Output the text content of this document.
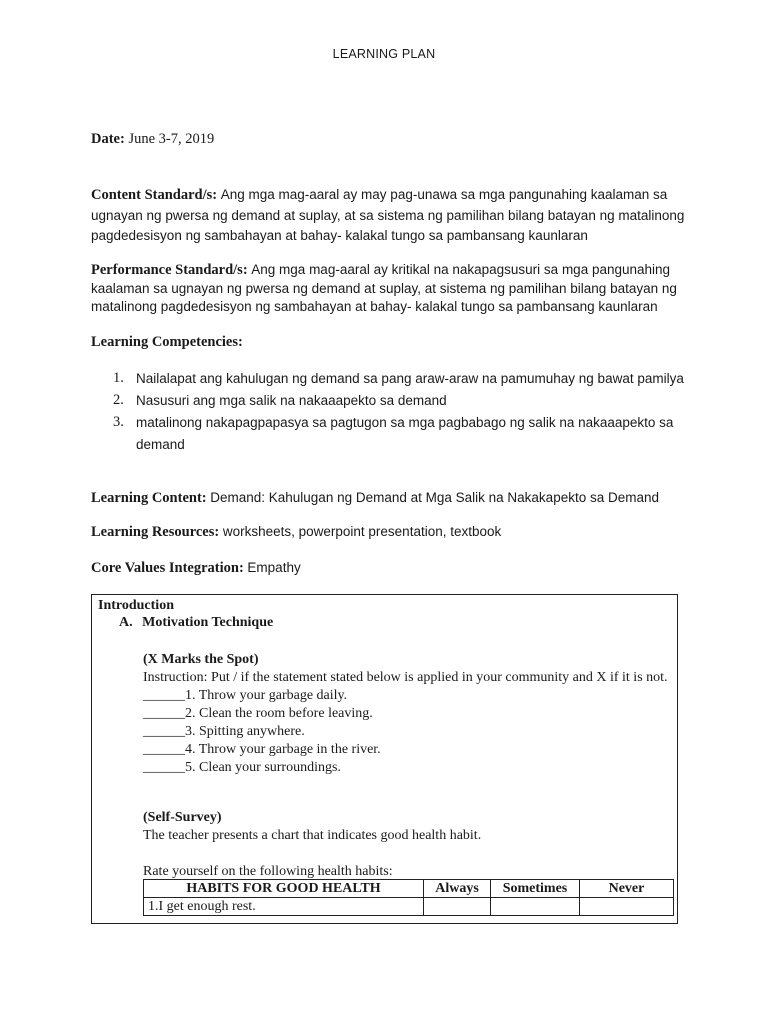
LEARNING PLAN
Date: June 3-7, 2019
Content Standard/s: Ang mga mag-aaral ay may pag-unawa sa mga pangunahing kaalaman sa ugnayan ng pwersa ng demand at suplay, at sa sistema ng pamilihan bilang batayan ng matalinong pagdedesisyon ng sambahayan at bahay- kalakal tungo sa pambansang kaunlaran
Performance Standard/s: Ang mga mag-aaral ay kritikal na nakapagsusuri sa mga pangunahing kaalaman sa ugnayan ng pwersa ng demand at suplay, at sistema ng pamilihan bilang batayan ng matalinong pagdedesisyon ng sambahayan at bahay- kalakal tungo sa pambansang kaunlaran
Learning Competencies:
1. Nailalapat ang kahulugan ng demand sa pang araw-araw na pamumuhay ng bawat pamilya
2. Nasusuri ang mga salik na nakaaapekto sa demand
3. matalinong nakapagpapasya sa pagtugon sa mga pagbabago ng salik na nakaaapekto sa demand
Learning Content: Demand: Kahulugan ng Demand at Mga Salik na Nakakapekto sa Demand
Learning Resources: worksheets, powerpoint presentation, textbook
Core Values Integration: Empathy
Introduction
A. Motivation Technique
(X Marks the Spot)
Instruction: Put / if the statement stated below is applied in your community and X if it is not.
______1. Throw your garbage daily.
______2. Clean the room before leaving.
______3. Spitting anywhere.
______4. Throw your garbage in the river.
______5. Clean your surroundings.
(Self-Survey)
The teacher presents a chart that indicates good health habit.
Rate yourself on the following health habits:
HABITS FOR GOOD HEALTH	Always	Sometimes	Never
1.I get enough rest.			
